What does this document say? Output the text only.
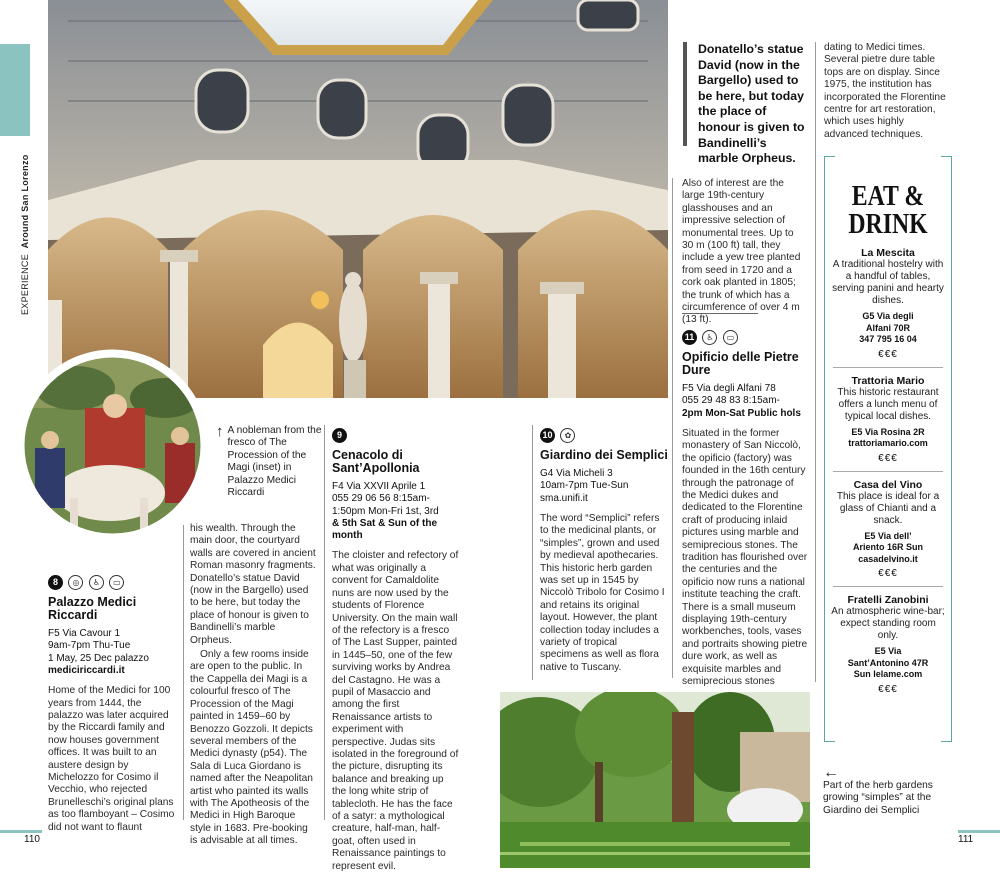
EXPERIENCE  Around San Lorenzo
Donatello’s statue David (now in the Bargello) used to be here, but today the place of honour is given to Bandinelli’s marble Orpheus.
↑ A nobleman from the fresco of The Procession of the Magi (inset) in Palazzo Medici Riccardi
8 ◎ ♿ ▭
Palazzo Medici Riccardi
F5 Via Cavour 1
9am-7pm Thu-Tue
1 May, 25 Dec palazzo
mediciriccardi.it
Home of the Medici for 100 years from 1444, the palazzo was later acquired by the Riccardi family and now houses government offices. It was built to an austere design by Michelozzo for Cosimo il Vecchio, who rejected Brunelleschi’s original plans as too flamboyant – Cosimo did not want to flaunt

his wealth. Through the main door, the courtyard walls are covered in ancient Roman masonry fragments. Donatello’s statue David (now in the Bargello) used to be here, but today the place of honour is given to Bandinelli’s marble Orpheus.

Only a few rooms inside are open to the public. In the Cappella dei Magi is a colourful fresco of The Procession of the Magi painted in 1459–60 by Benozzo Gozzoli. It depicts several members of the Medici dynasty (p54). The Sala di Luca Giordano is named after the Neapolitan artist who painted its walls with The Apotheosis of the Medici in High Baroque style in 1683. Pre-booking is advisable at all times.

9
Cenacolo di Sant’Apollonia
F4 Via XXVII Aprile 1
055 29 06 56 8:15am-
1:50pm Mon-Fri 1st, 3rd
& 5th Sat & Sun of the month
The cloister and refectory of what was originally a convent for Camaldolite nuns are now used by the students of Florence University. On the main wall of the refectory is a fresco of The Last Supper, painted in 1445–50, one of the few surviving works by Andrea del Castagno. He was a pupil of Masaccio and among the first Renaissance artists to experiment with perspective. Judas sits isolated in the foreground of the picture, disrupting its balance and breaking up the long white strip of tablecloth. He has the face of a satyr: a mythological creature, half-man, half-goat, often used in Renaissance paintings to represent evil.
10 ✿
Giardino dei Semplici
G4 Via Micheli 3
10am-7pm Tue-Sun
sma.unifi.it
The word “Semplici” refers to the medicinal plants, or “simples”, grown and used by medieval apothecaries. This historic herb garden was set up in 1545 by Niccolò Tribolo for Cosimo I and retains its original layout. However, the plant collection today includes a variety of tropical specimens as well as flora native to Tuscany.
Also of interest are the large 19th-century glasshouses and an impressive selection of monumental trees. Up to 30 m (100 ft) tall, they include a yew tree planted from seed in 1720 and a cork oak planted in 1805; the trunk of which has a circumference of over 4 m (13 ft).
11 ♿ ▭
Opificio delle Pietre Dure
F5 Via degli Alfani 78
055 29 48 83 8:15am-
2pm Mon-Sat Public hols
Situated in the former monastery of San Niccolò, the opificio (factory) was founded in the 16th century through the patronage of the Medici dukes and dedicated to the Florentine craft of producing inlaid pictures using marble and semiprecious stones. The tradition has flourished over the centuries and the opificio now runs a national institute teaching the craft. There is a small museum displaying 19th-century workbenches, tools, vases and portraits showing pietre dure work, as well as exquisite marbles and semiprecious stones
dating to Medici times. Several pietre dure table tops are on display. Since 1975, the institution has incorporated the Florentine centre for art restoration, which uses highly advanced techniques.
EAT &
DRINK
La Mescita
A traditional hostelry with a handful of tables, serving panini and hearty dishes.
G5 Via degli
Alfani 70R
347 795 16 04
€€€
Trattoria Mario
This historic restaurant offers a lunch menu of typical local dishes.
E5 Via Rosina 2R
trattoriamario.com
€€€
Casa del Vino
This place is ideal for a glass of Chianti and a snack.
E5 Via dell’
Ariento 16R Sun
casadelvino.it
€€€
Fratelli Zanobini
An atmospheric wine-bar; expect standing room only.
E5 Via
Sant’Antonino 47R
Sun lelame.com
€€€
←
Part of the herb gardens growing “simples” at the Giardino dei Semplici
110	111
